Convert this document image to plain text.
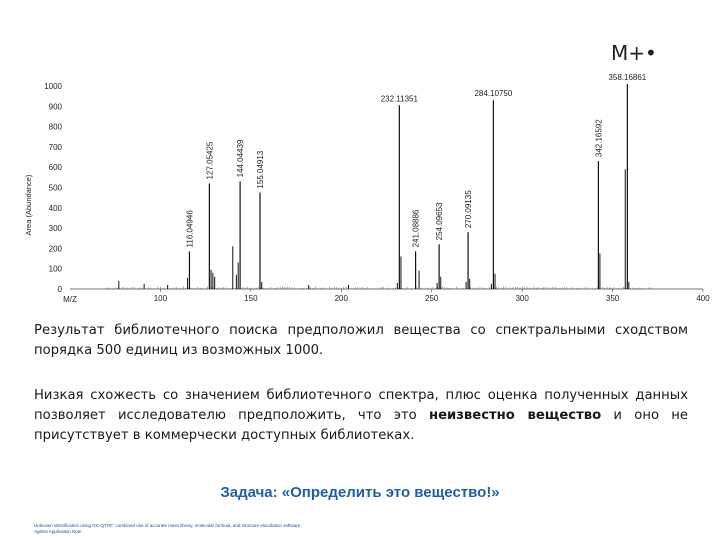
0
100
200
300
400
500
600
700
800
900
1000
100	150	200	250	300	350	400
116.04946
127.05425	144.04439 155.04913
232.11351
241.08886 254.09653 270.09135
284.10750
342.16592
358.16861
Area (Abundance)
M/Z
M+•
Результат библиотечного поиска предположил вещества со спектральными сходством порядка 500 единиц из возможных 1000.
Низкая схожесть со значением библиотечного спектра, плюс оценка полученных данных позволяет исследователю предположить, что это неизвестно вещество и оно не присутствует в коммерчески доступных библиотеках.
Задача: «Определить это вещество!»
Unknown identification using GC-QTOF: combined use of accurate mass library, molecular formula, and structure elucidation software
Agilent Application Note
